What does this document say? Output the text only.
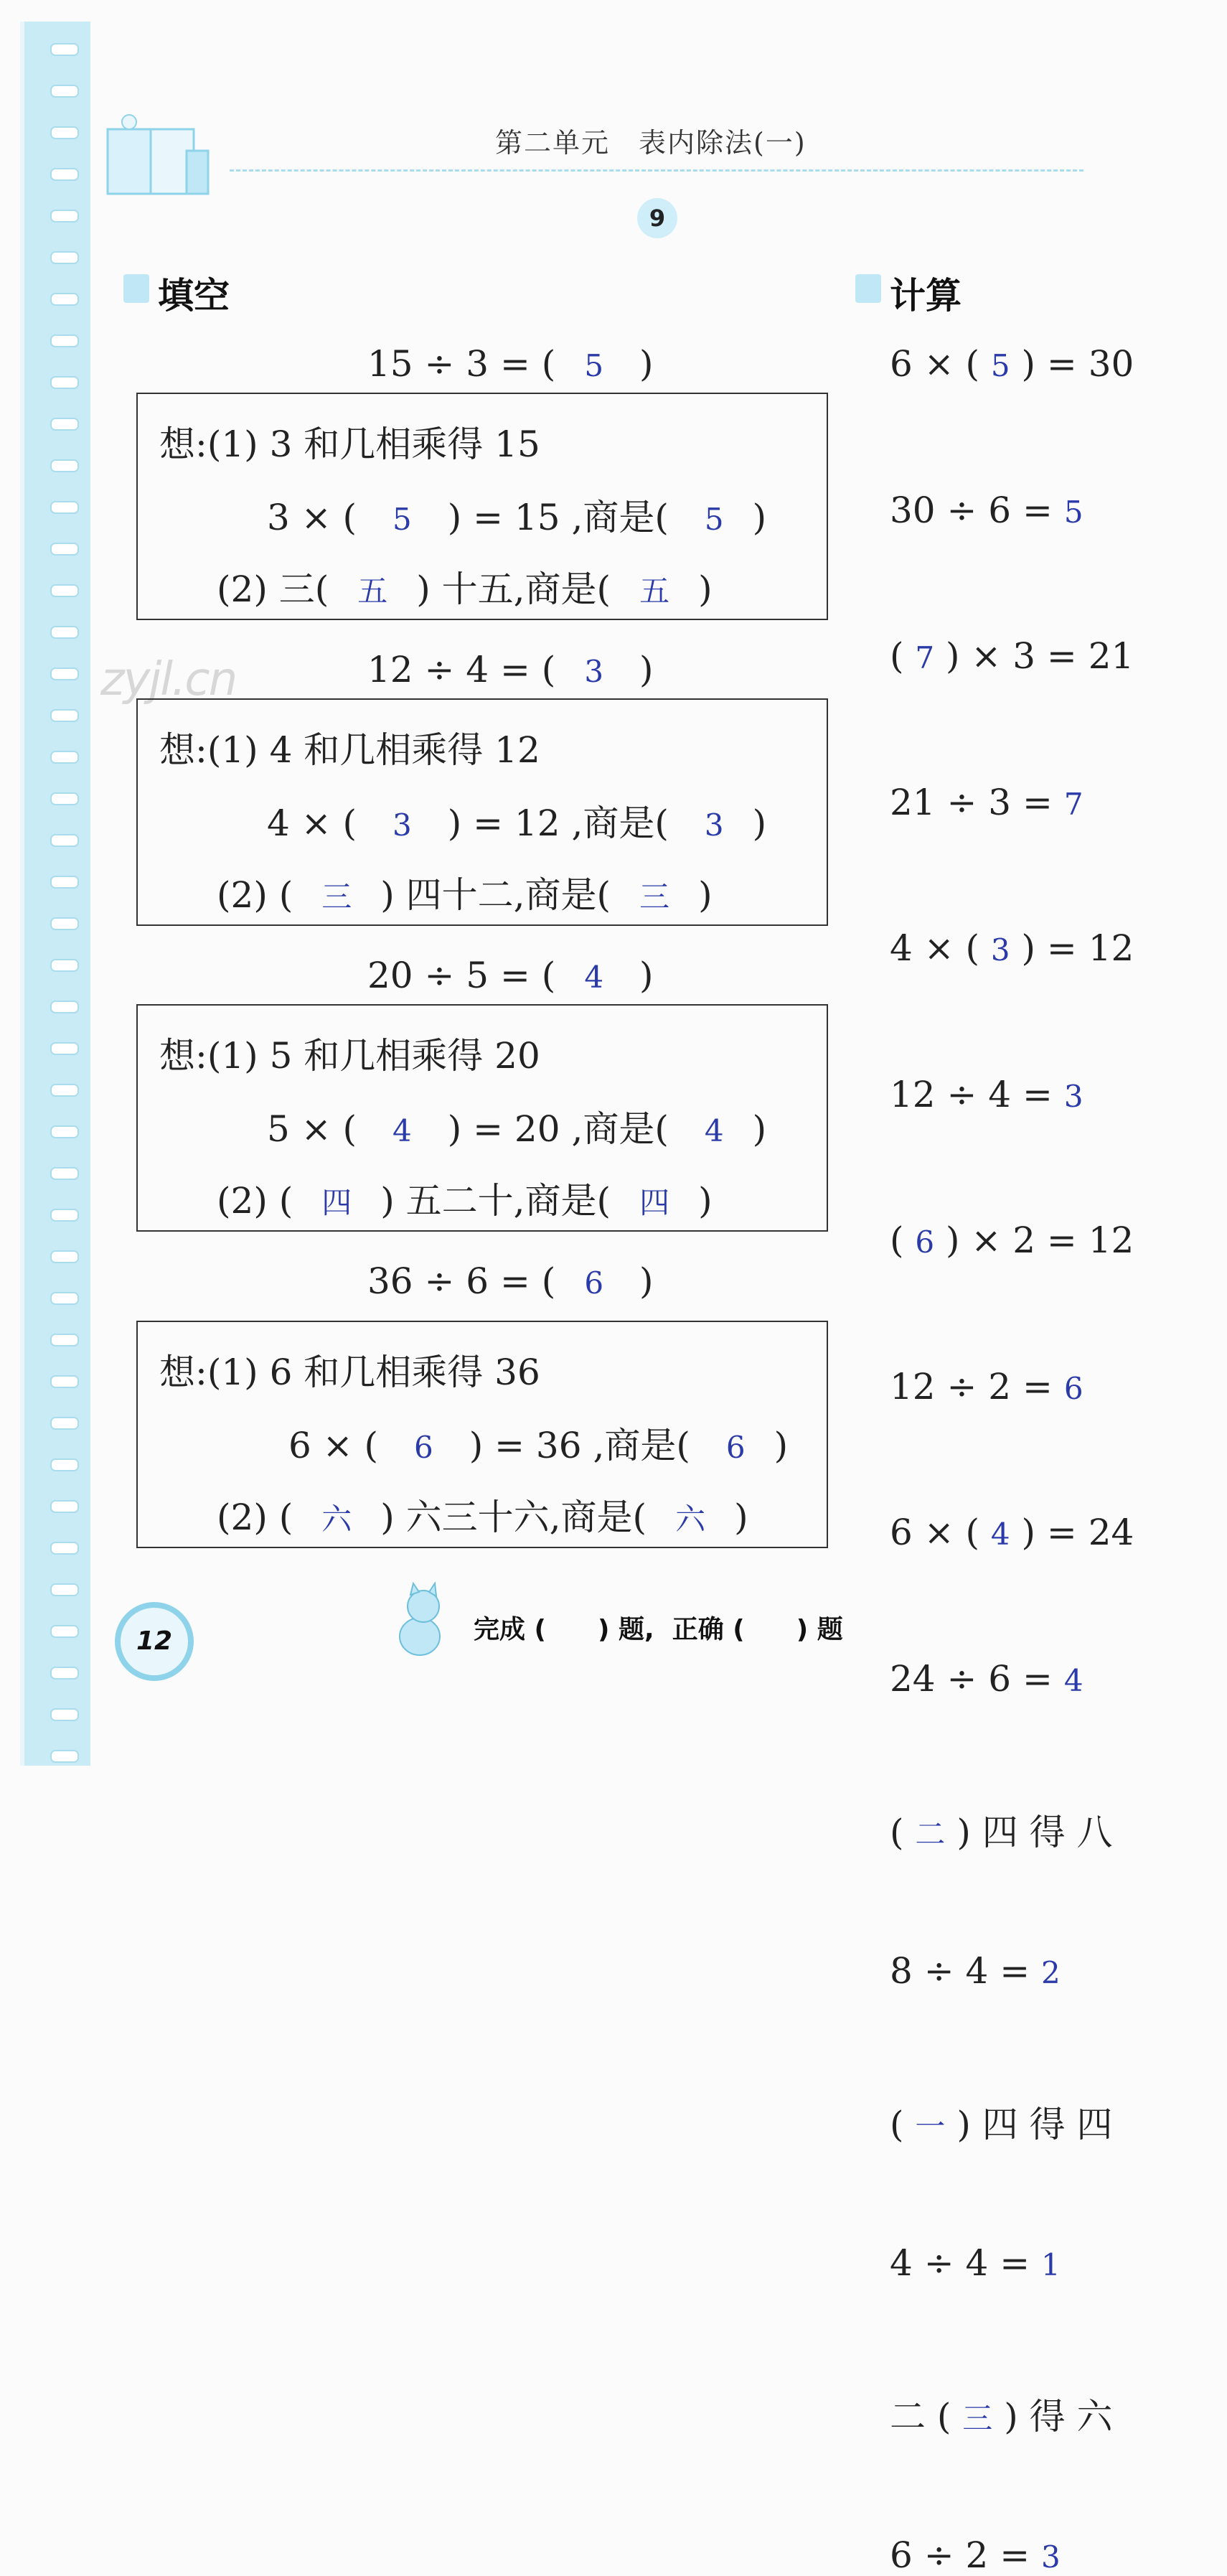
第二单元　表内除法(一)
9
zyjl.cn
填空	计算
15 ÷ 3 = ( 5 )
想:(1) 3 和几相乘得 15
3 × ( 5 ) = 15 ,商是( 5 )
(2) 三( 五 ) 十五,商是( 五 )
12 ÷ 4 = ( 3 )
想:(1) 4 和几相乘得 12
4 × ( 3 ) = 12 ,商是( 3 )
(2) ( 三 ) 四十二,商是( 三 )
20 ÷ 5 = ( 4 )
想:(1) 5 和几相乘得 20
5 × ( 4 ) = 20 ,商是( 4 )
(2) ( 四 ) 五二十,商是( 四 )
36 ÷ 6 = ( 6 )
想:(1) 6 和几相乘得 36
6 × ( 6 ) = 36 ,商是( 6 )
(2) ( 六 ) 六三十六,商是( 六 )
6 × ( 5 ) = 30
30 ÷ 6 = 5
( 7 ) × 3 = 21
21 ÷ 3 = 7
4 × ( 3 ) = 12
12 ÷ 4 = 3
( 6 ) × 2 = 12
12 ÷ 2 = 6
6 × ( 4 ) = 24
24 ÷ 6 = 4
( 二 ) 四 得 八
8 ÷ 4 = 2
( 一 ) 四 得 四
4 ÷ 4 = 1
二 ( 三 ) 得 六
6 ÷ 2 = 3
12	完成 (　　) 题,  正确 (　　) 题
